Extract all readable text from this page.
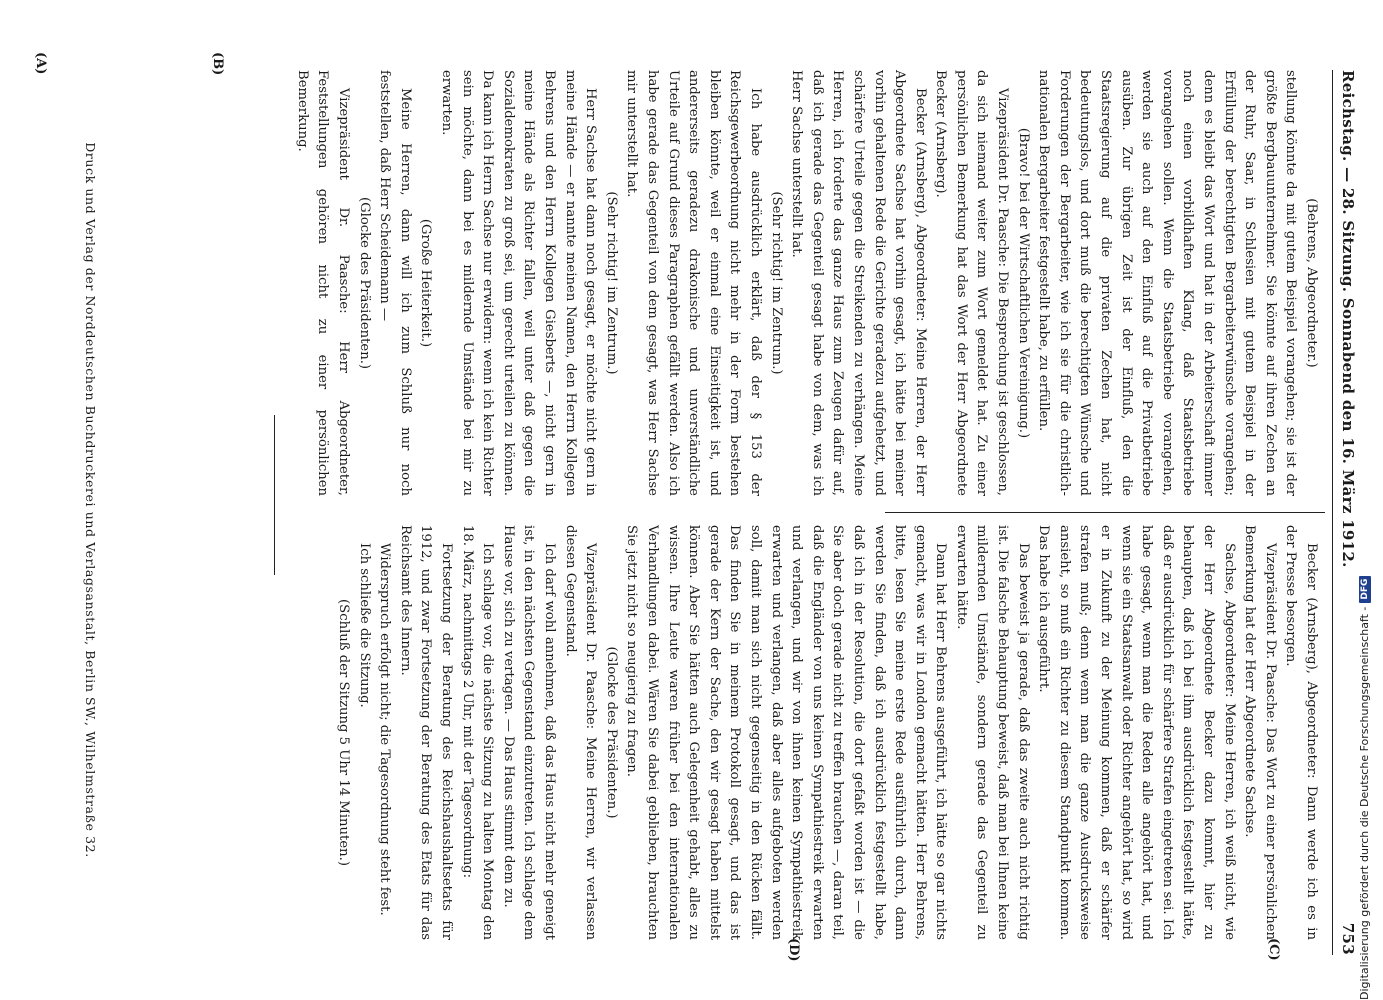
Reichstag. — 28. Sitzung. Sonnabend den 16. März 1912.
753
(A)	(B)
(C)
(D)

(Behrens, Abgeordneter.)

stellung könnte da mit gutem Beispiel vorangehen; sie ist der größte Bergbauunternehmer. Sie könnte auf ihren Zechen an der Ruhr, Saar, in Schlesien mit gutem Beispiel in der Erfüllung der berechtigten Bergarbeiterwünsche vorangehen; denn es bleibt das Wort und hat in der Arbeiterschaft immer noch einen vorbildhaften Klang, daß Staatsbetriebe vorangehen sollen. Wenn die Staatsbetriebe vorangehen, werden sie auch auf den Einfluß auf die Privatbetriebe ausüben. Zur übrigen Zeit ist der Einfluß, den die Staatsregierung auf die privaten Zechen hat, nicht bedeutungslos, und dort muß die berechtigten Wünsche und Forderungen der Bergarbeiter, wie ich sie für die christlich-nationalen Bergarbeiter festgestellt habe, zu erfüllen.

(Bravo! bei der Wirtschaftlichen Vereinigung.)

Vizepräsident Dr. Paasche: Die Besprechung ist geschlossen, da sich niemand weiter zum Wort gemeldet hat. Zu einer persönlichen Bemerkung hat das Wort der Herr Abgeordnete Becker (Arnsberg).

Becker (Arnsberg), Abgeordneter: Meine Herren, der Herr Abgeordnete Sachse hat vorhin gesagt, ich hätte bei meiner vorhin gehaltenen Rede die Gerichte geradezu aufgehetzt, und schärfere Urteile gegen die Streikenden zu verhängen. Meine Herren, ich forderte das ganze Haus zum Zeugen dafür auf, daß ich gerade das Gegenteil gesagt habe von dem, was ich Herr Sachse unterstellt hat.

(Sehr richtig! im Zentrum.)

Ich habe ausdrücklich erklärt, daß der § 153 der Reichsgewerbeordnung nicht mehr in der Form bestehen bleiben könnte, weil er einmal eine Einseitigkeit ist, und andererseits geradezu drakonische und unverständliche Urteile auf Grund dieses Paragraphen gefällt werden. Also ich habe gerade das Gegenteil von dem gesagt, was Herr Sachse mir unterstellt hat.

(Sehr richtig! im Zentrum.)

Herr Sachse hat dann noch gesagt, er möchte nicht gern in meine Hände — er nannte meinen Namen, den Herrn Kollegen Behrens und den Herrn Kollegen Giesberts —, nicht gern in meine Hände als Richter fallen, weil unter daß gegen die Sozialdemokraten zu groß sei, um gerecht urteilen zu können. Da kann ich Herrn Sachse nur erwidern: wenn ich kein Richter sein möchte, dann bei es mildernde Umstände bei mir zu erwarten.

(Große Heiterkeit.)

Meine Herren, dann will ich zum Schluß nur noch feststellen, daß Herr Scheidemann —

(Glocke des Präsidenten.)

Vizepräsident Dr. Paasche: Herr Abgeordneter, Feststellungen gehören nicht zu einer persönlichen Bemerkung.

Becker (Arnsberg), Abgeordneter: Dann werde ich es in der Presse besorgen.

Vizepräsident Dr. Paasche: Das Wort zu einer persönlichen Bemerkung hat der Herr Abgeordnete Sachse.

Sachse, Abgeordneter: Meine Herren, ich weiß nicht, wie der Herr Abgeordnete Becker dazu kommt, hier zu behaupten, daß ich bei ihm ausdrücklich festgestellt hätte, daß er ausdrücklich für schärfere Strafen eingetreten sei. Ich habe gesagt, wenn man die Reden alle angehört hat, und wenn sie ein Staatsanwalt oder Richter angehört hat, so wird er in Zukunft zu der Meinung kommen, daß er schärfer strafen muß; denn wenn man die ganze Ausdrucksweise ansieht, so muß ein Richter zu diesem Standpunkt kommen. Das habe ich ausgeführt.

Das beweist ja gerade, daß das zweite auch nicht richtig ist. Die falsche Behauptung beweist, daß man bei Ihnen keine mildernden Umstände, sondern gerade das Gegenteil zu erwarten hätte.

Dann hat Herr Behrens ausgeführt, ich hätte so gar nichts gemacht, was wir in London gemacht hätten. Herr Behrens, bitte, lesen Sie meine erste Rede ausführlich durch, dann werden Sie finden, daß ich ausdrücklich festgestellt habe, daß ich in der Resolution, die dort gefaßt worden ist — die Sie aber doch gerade nicht zu treffen brauchen —, daran teil, daß die Engländer von uns keinen Sympathiestreik erwarten und verlangen, und wir von ihnen keinen Sympathiestreik erwarten und verlangen, daß aber alles aufgeboten werden soll, damit man sich nicht gegenseitig in den Rücken fällt. Das finden Sie in meinem Protokoll gesagt, und das ist gerade der Kern der Sache, den wir gesagt haben mittelst können. Aber Sie hätten auch Gelegenheit gehabt, alles zu wissen. Ihre Leute waren früher bei den internationalen Verhandlungen dabei. Wären Sie dabei geblieben, brauchten Sie jetzt nicht so neugierig zu fragen.

(Glocke des Präsidenten.)

Vizepräsident Dr. Paasche: Meine Herren, wir verlassen diesen Gegenstand.

Ich darf wohl annehmen, daß das Haus nicht mehr geneigt ist, in den nächsten Gegenstand einzutreten. Ich schlage dem Hause vor, sich zu vertagen. — Das Haus stimmt dem zu.

Ich schlage vor, die nächste Sitzung zu halten Montag den 18. März, nachmittags 2 Uhr, mit der Tagesordnung:

Fortsetzung der Beratung des Reichshaushaltsetats für 1912, und zwar Fortsetzung der Beratung des Etats für das Reichsamt des Innern.

Widerspruch erfolgt nicht; die Tagesordnung steht fest.

Ich schließe die Sitzung.

(Schluß der Sitzung 5 Uhr 14 Minuten.)

Druck und Verlag der Norddeutschen Buchdruckerei und Verlagsanstalt, Berlin SW., Wilhelmstraße 32.	Digitalisierung gefördert durch die Deutsche Forschungsgemeinschaft -
DFG
